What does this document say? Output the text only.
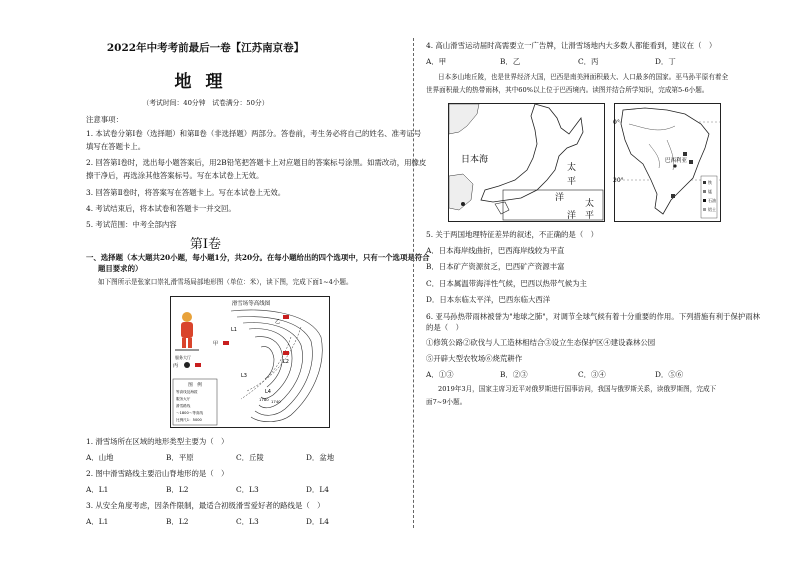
2022年中考考前最后一卷【江苏南京卷】
地理
（考试时间：40分钟　试卷满分：50分）
注意事项：
1. 本试卷分第Ⅰ卷（选择题）和第Ⅱ卷（非选择题）两部分。答卷前，考生务必将自己的姓名、准考证号
填写在答题卡上。
2. 回答第Ⅰ卷时，选出每小题答案后，用2B铅笔把答题卡上对应题目的答案标号涂黑。如需改动，用橡皮
擦干净后，再选涂其他答案标号。写在本试卷上无效。
3. 回答第Ⅱ卷时，将答案写在答题卡上。写在本试卷上无效。
4. 考试结束后，将本试卷和答题卡一并交回。
5. 考试范围：中考全部内容
第Ⅰ卷
一、选择题（本大题共20小题，每小题1分，共20分。在每小题给出的四个选项中，只有一个选项是符合
题目要求的）
如下图所示是张家口崇礼滑雪场局部地形图（单位：米），读下图，完成下面1~4小题。
滑雪场等高线图
图　例
等高线及海拔
服务大厅
滑雪路线
～1800～等高线
比例尺1：5000
服务大厅
丙
甲
乙
L2
L1
L3
L4
1780 1740
1. 滑雪场所在区域的地形类型主要为（　）
A．山地	B．平原	C．丘陵	D．盆地
2. 图中滑雪路线主要沿山脊地形的是（　）
A．L1	B．L2	C．L3	D．L4
3. 从安全角度考虑，因条件限制，最适合初级滑雪爱好者的路线是（　）
A．L1	B．L2	C．L3	D．L4
4. 高山滑雪运动届时高需要立一广告牌，让滑雪场地内大多数人都能看到，建议在（　）
A．甲	B．乙	C．丙	D．丁
日本多山地丘陵，也是世界经济大国，巴西是南美洲面积最大、人口最多的国家。巫马孙平原有着全
世界面积最大的热带雨林，其中60%以上位于巴西境内。读图并结合所学知识，完成第5-6小题。
日本海
太
平
洋
太
平
洋
0°
20°
巴西利亚
铁
锰
石油
铝土
5. 关于两国地理特征差异的叙述，不正确的是（　）
A．日本海岸线曲折，巴西海岸线较为平直
B．日本矿产资源贫乏，巴西矿产资源丰富
C．日本属温带海洋性气候，巴西以热带气候为主
D．日本东临太平洋，巴西东临大西洋
6. 亚马孙热带雨林被誉为"地球之肺"，对调节全球气候有着十分重要的作用。下列措施有利于保护雨林的是（　）
①修筑公路②砍伐与人工造林相结合③设立生态保护区④建设森林公园
⑤开辟大型农牧场⑥烧荒耕作
A．①③	B．②③	C．③④	D．⑤⑥
2019年3月，国家主席习近平对俄罗斯进行国事访问，我国与俄罗斯关系，读俄罗斯图，完成下
面7~9小题。
